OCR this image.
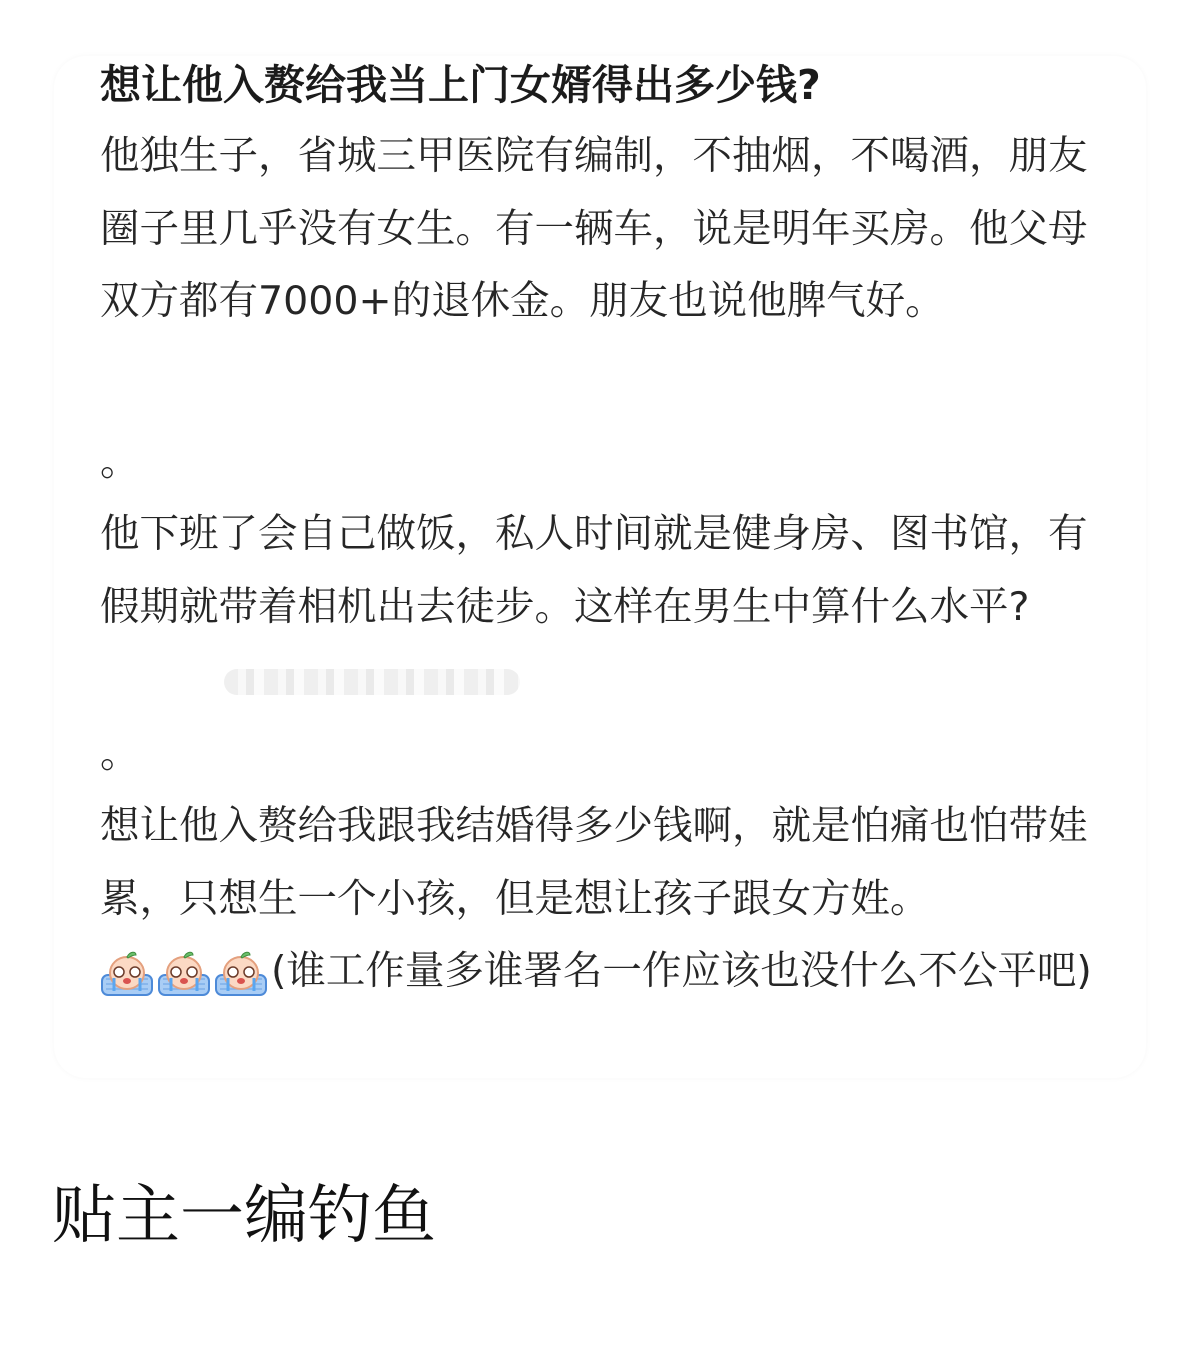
想让他入赘给我当上门女婿得出多少钱?

他独生子，省城三甲医院有编制，不抽烟，不喝酒，朋友圈子里几乎没有女生。有一辆车，说是明年买房。他父母双方都有7000+的退休金。朋友也说他脾气好。

。

他下班了会自己做饭，私人时间就是健身房、图书馆，有假期就带着相机出去徒步。这样在男生中算什么水平?

。

想让他入赘给我跟我结婚得多少钱啊，就是怕痛也怕带娃累，只想生一个小孩，但是想让孩子跟女方姓。(谁工作量多谁署名一作应该也没什么不公平吧)

贴主一编钓鱼
